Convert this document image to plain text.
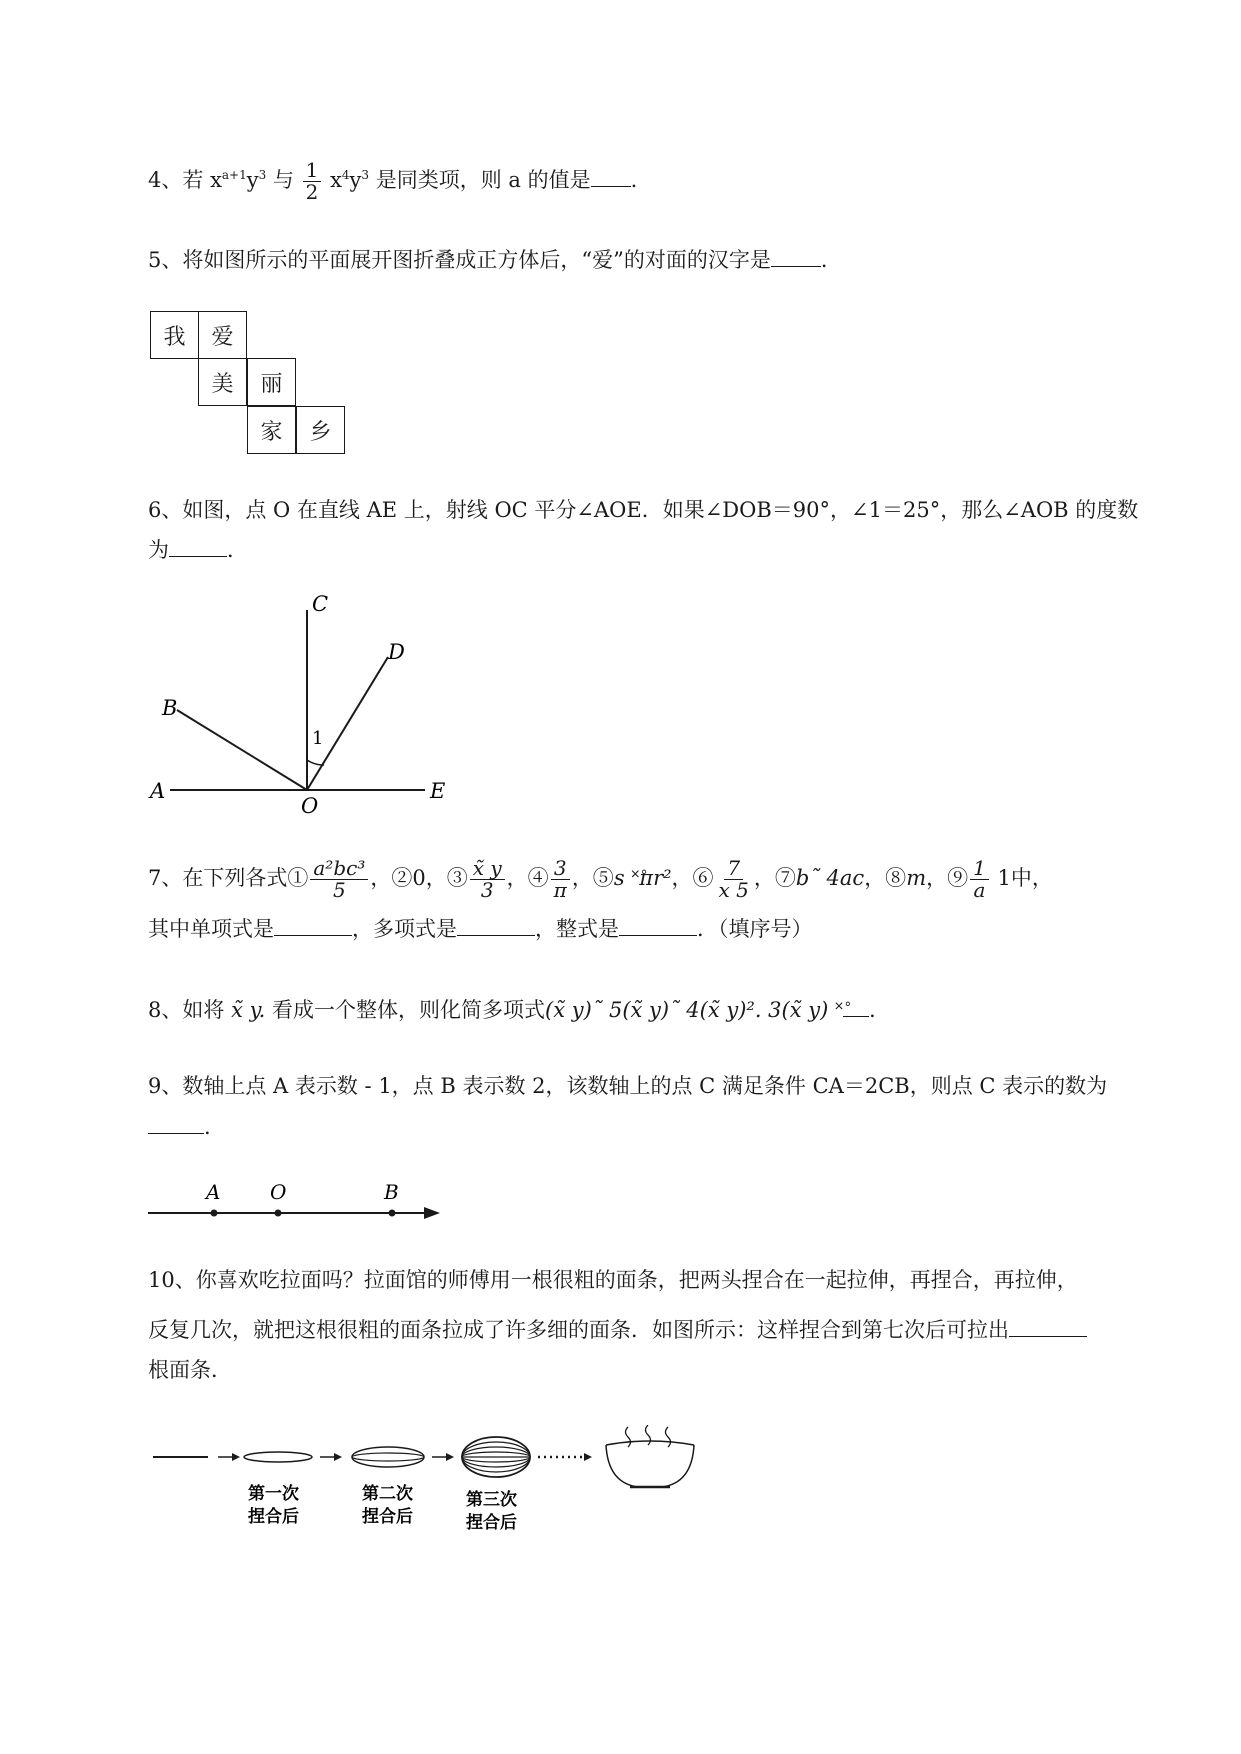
4、若 $x^{a+1}y^3$ 与 $\frac{1}{2} x^4y^3$ 是同类项，则 a 的值是 .
5、将如图所示的平面展开图折叠成正方体后，“爱”的对面的汉字是 ．
我	爱
美	丽
家	乡
6、如图，点 O 在直线 AE 上，射线 OC 平分∠AOE．如果∠DOB＝90°，∠1＝25°，那么∠AOB 的度数
为	．
C
D
B
A	E
O
1
7、在下列各式① $\frac{\text{a²bc³}}{5}$ ，②0，③ $\frac{x̃ y}{3}$ ，④ $\frac{3}{\pi}$ ，⑤s ˟̊πr²，⑥ $\frac{7}{x 5}$ ，⑦b˜ 4ac，⑧m，⑨ $\frac{1}{a} 1$中，
其中单项式是	，多项式是	，整式是	．（填序号）
8、如将 x̃ y. 看成一个整体，则化简多项式(x̃ y)˜ 5(x̃ y)˜ 4(x̃ y)². 3(x̃ y) ˟̊ .
9、数轴上点 A 表示数 - 1，点 B 表示数 2，该数轴上的点 C 满足条件 CA＝2CB，则点 C 表示的数为
.
A O	B
10、你喜欢吃拉面吗？拉面馆的师傅用一根很粗的面条，把两头捏合在一起拉伸，再捏合，再拉伸，
反复几次，就把这根很粗的面条拉成了许多细的面条．如图所示：这样捏合到第七次后可拉出
根面条．
第一次
捏合后
第二次
捏合后
第三次
捏合后
